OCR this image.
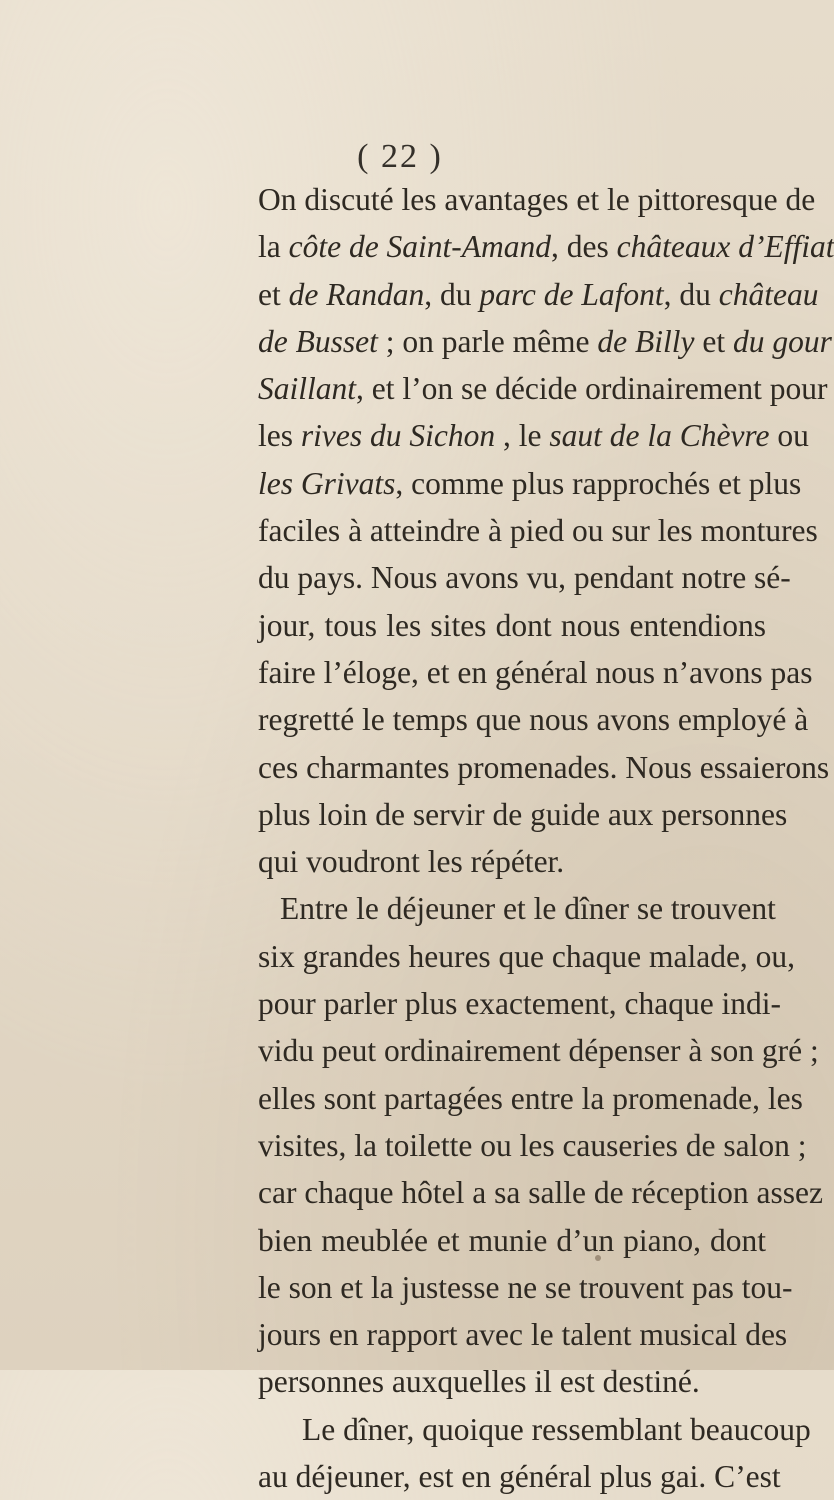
( 22 )
On discuté les avantages et le pittoresque de
la côte de Saint-Amand, des châteaux d’Effiat
et de Randan, du parc de Lafont, du château
de Busset ; on parle même de Billy et du gour
Saillant, et l’on se décide ordinairement pour
les rives du Sichon , le saut de la Chèvre ou
les Grivats, comme plus rapprochés et plus
faciles à atteindre à pied ou sur les montures
du pays. Nous avons vu, pendant notre sé-
jour, tous les sites dont nous entendions
faire l’éloge, et en général nous n’avons pas
regretté le temps que nous avons employé à
ces charmantes promenades. Nous essaierons
plus loin de servir de guide aux personnes
qui voudront les répéter.
Entre le déjeuner et le dîner se trouvent
six grandes heures que chaque malade, ou,
pour parler plus exactement, chaque indi-
vidu peut ordinairement dépenser à son gré ;
elles sont partagées entre la promenade, les
visites, la toilette ou les causeries de salon ;
car chaque hôtel a sa salle de réception assez
bien meublée et munie d’un piano, dont
le son et la justesse ne se trouvent pas tou-
jours en rapport avec le talent musical des
personnes auxquelles il est destiné.
Le dîner, quoique ressemblant beaucoup
au déjeuner, est en général plus gai. C’est
